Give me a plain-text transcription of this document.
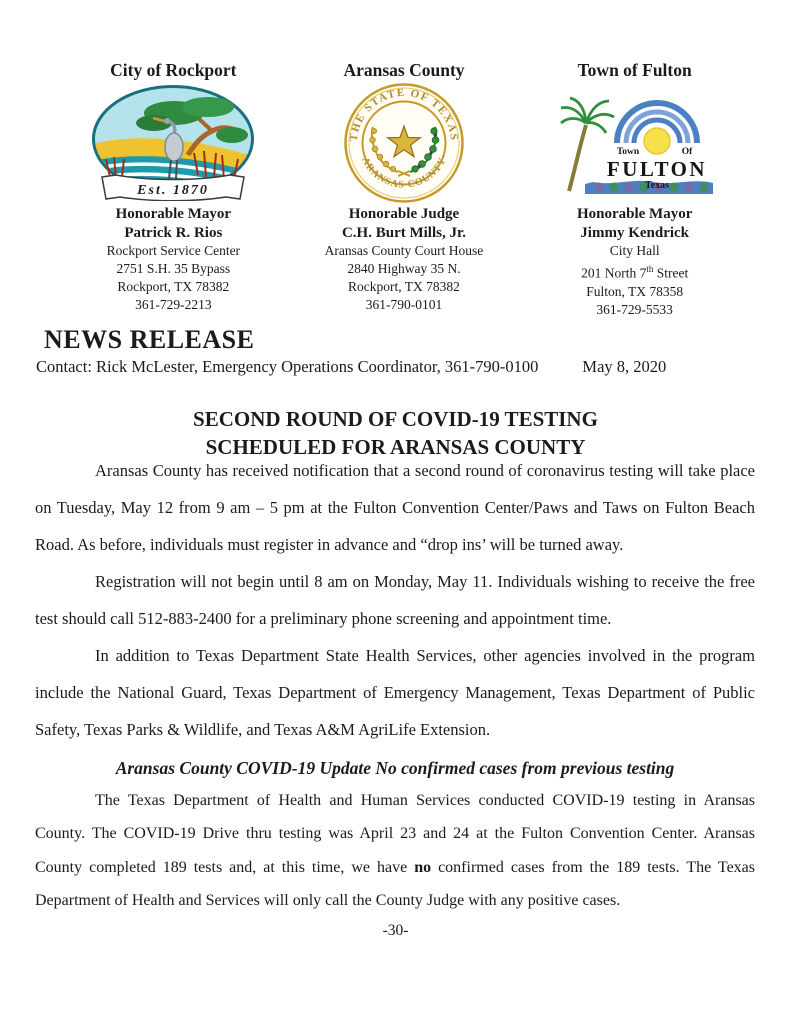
City of Rockport
Est. 1870
Honorable Mayor
Patrick R. Rios
Rockport Service Center
2751 S.H. 35 Bypass
Rockport, TX 78382
361-729-2213
Aransas County
THE STATE OF TEXAS
·ARANSAS COUNTY·
Honorable Judge
C.H. Burt Mills, Jr.
Aransas County Court House
2840 Highway 35 N.
Rockport, TX 78382
361-790-0101
Town of Fulton
Town	Of
FULTON
Texas
Honorable Mayor
Jimmy Kendrick
City Hall
201 North 7th Street
Fulton, TX 78358
361-729-5533
NEWS RELEASE
Contact: Rick McLester, Emergency Operations Coordinator, 361-790-0100	May 8, 2020
SECOND ROUND OF COVID-19 TESTING
SCHEDULED FOR ARANSAS COUNTY

Aransas County has received notification that a second round of coronavirus testing will take place on Tuesday, May 12 from 9 am – 5 pm at the Fulton Convention Center/Paws and Taws on Fulton Beach Road. As before, individuals must register in advance and “drop ins’ will be turned away.

Registration will not begin until 8 am on Monday, May 11. Individuals wishing to receive the free test should call 512-883-2400 for a preliminary phone screening and appointment time.

In addition to Texas Department State Health Services, other agencies involved in the program include the National Guard, Texas Department of Emergency Management, Texas Department of Public Safety, Texas Parks & Wildlife, and Texas A&M AgriLife Extension.

Aransas County COVID-19 Update No confirmed cases from previous testing

The Texas Department of Health and Human Services conducted COVID-19 testing in Aransas County. The COVID-19 Drive thru testing was April 23 and 24 at the Fulton Convention Center. Aransas County completed 189 tests and, at this time, we have no confirmed cases from the 189 tests. The Texas Department of Health and Services will only call the County Judge with any positive cases.

-30-
